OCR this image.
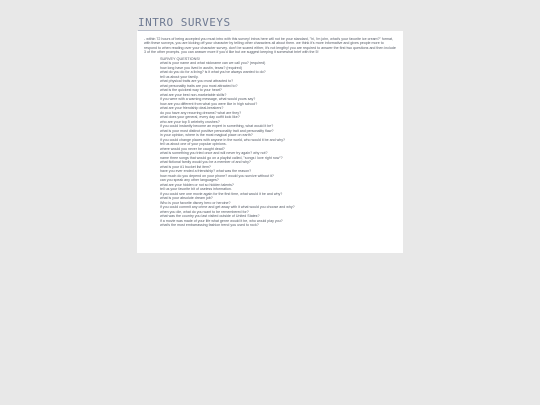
INTRO SURVEYS

- within 72 hours of being accepted you must intro with this survey! intros here will not be your standard, "hi, i'm john, what's your favorite ice cream?" format, with these surveys, you are kicking off your character by telling other characters all about them. we think it's more informative and gives people more to respond to when reading over your character survey. don't be scared either, it's not lengthy! you are required to answer the first two questions and then include 3 of the other prompts. you can answer more if you'd like but we suggest keeping it somewhat brief with the 5!

SURVEY QUESTIONS!
what is your name and what nickname can we call you? (required)
how long have you lived in austin, texas? (required)
what do you do for a living? is it what you've always wanted to do?
tell us about your family.
what physical traits are you most attracted to?
what personality traits are you most attracted to?
what is the quickest way to your heart?
what are your best non-marketable skills?
if you were with a warning message, what would yours say?
how are you different from what you were like in high school?
what are your friendship deal-breakers?
do you have any recurring dreams? what are they?
what does your general, every day outfit look like?
who are your top 5 celebrity crushes?
if you could instantly become an expert in something, what would it be?
what is your most distinct positive personality trait and personality flaw?
in your opinion, where is the most magical place on earth?
if you could change places with anyone in the world, who would it be and why?
tell us about one of your popular opinions.
where would you never be caught dead?
what is something you tried once and will never try again? why not?
name three songs that would go on a playlist called, "songs i love right now"?
what fictional family would you be a member of and why?
what is your #1 bucket list item?
have you ever ended a friendship? what was the reason?
how much do you depend on your phone? would you survive without it?
can you speak any other languages?
what are your hidden or not so hidden talents?
tell us your favorite bit of useless information.
if you could see one movie again for the first time, what would it be and why?
what is your absolute dream job?
Who is your favorite disney hero or heroine?
if you could commit any crime and get away with it what would you choose and why?
when you die, what do you want to be remembered for?
what was the country you last visited outside of United States?
if a movie was made of your life what genre would it be, who would play you?
what's the most embarrassing fashion trend you used to rock?
